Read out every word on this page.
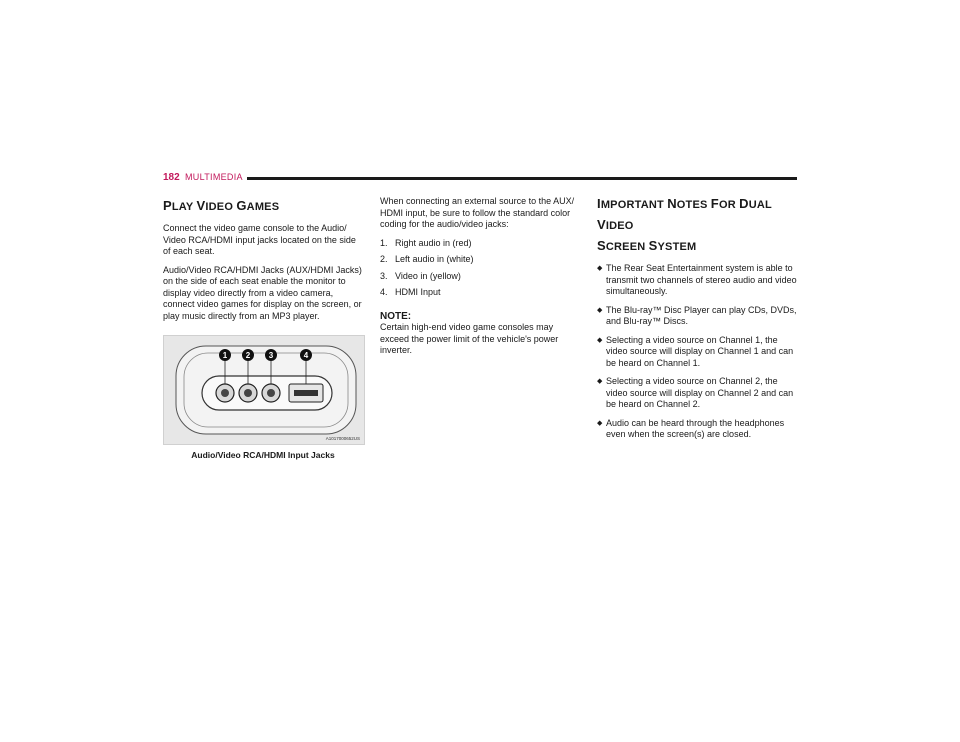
182 MULTIMEDIA
PLAY VIDEO GAMES

Connect the video game console to the Audio/ Video RCA/HDMI input jacks located on the side of each seat.

Audio/Video RCA/HDMI Jacks (AUX/HDMI Jacks) on the side of each seat enable the monitor to display video directly from a video camera, connect video games for display on the screen, or play music directly from an MP3 player.

1 2 3	4
A1017000652US
Audio/Video RCA/HDMI Input Jacks

When connecting an external source to the AUX/ HDMI input, be sure to follow the standard color coding for the audio/video jacks:

1. Right audio in (red)
2. Left audio in (white)
3. Video in (yellow)
4. HDMI Input
NOTE:

Certain high-end video game consoles may exceed the power limit of the vehicle's power inverter.

IMPORTANT NOTES FOR DUAL VIDEO
SCREEN SYSTEM
◆ The Rear Seat Entertainment system is able to transmit two channels of stereo audio and video simultaneously.
◆ The Blu-ray™ Disc Player can play CDs, DVDs, and Blu-ray™ Discs.
◆ Selecting a video source on Channel 1, the video source will display on Channel 1 and can be heard on Channel 1.
◆ Selecting a video source on Channel 2, the video source will display on Channel 2 and can be heard on Channel 2.
◆ Audio can be heard through the headphones even when the screen(s) are closed.
